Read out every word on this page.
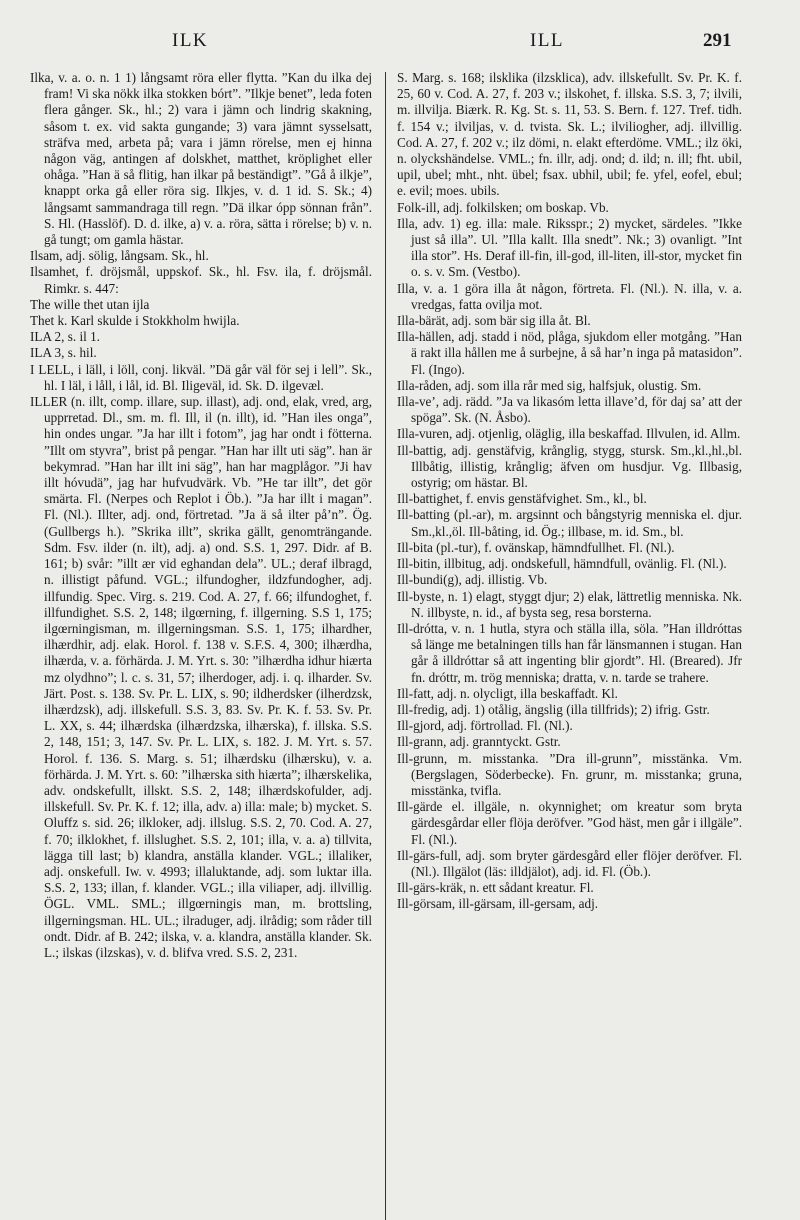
ILK	ILL	291

Ilka, v. a. o. n. 1 1) långsamt röra eller flytta. ”Kan du ilka dej fram! Vi ska nökk ilka stokken bórt”. ”Ilkje benet”, leda foten flera gånger. Sk., hl.; 2) vara i jämn och lindrig skakning, såsom t. ex. vid sakta gungande; 3) vara jämnt sysselsatt, sträfva med, arbeta på; vara i jämn rörelse, men ej hinna någon väg, antingen af dolskhet, matthet, kröplighet eller ohåga. ”Han ä så flitig, han ilkar på beständigt”. ”Gå å ilkje”, knappt orka gå eller röra sig. Ilkjes, v. d. 1 id. S. Sk.; 4) långsamt sammandraga till regn. ”Dä ilkar ópp sönnan från”. S. Hl. (Hasslöf). D. d. ilke, a) v. a. röra, sätta i rörelse; b) v. n. gå tungt; om gamla hästar.

Ilsam, adj. sölig, långsam. Sk., hl.

Ilsamhet, f. dröjsmål, uppskof. Sk., hl. Fsv. ila, f. dröjsmål. Rimkr. s. 447:

The wille thet utan ijla

Thet k. Karl skulde i Stokkholm hwijla.

ILA 2, s. il 1.

ILA 3, s. hil.

I LELL, i läll, i löll, conj. likväl. ”Dä går väl för sej i lell”. Sk., hl. I läl, i låll, i lål, id. Bl. Iligeväl, id. Sk. D. ilgevæl.

ILLER (n. illt, comp. illare, sup. illast), adj. ond, elak, vred, arg, upprretad. Dl., sm. m. fl. Ill, il (n. illt), id. ”Han iles onga”, hin ondes ungar. ”Ja har illt i fotom”, jag har ondt i fötterna. ”Illt om styvra”, brist på pengar. ”Han har illt uti säg”. han är bekymrad. ”Han har illt ini säg”, han har magplågor. ”Ji hav illt hóvudä”, jag har hufvudvärk. Vb. ”He tar illt”, det gör smärta. Fl. (Nerpes och Replot i Öb.). ”Ja har illt i magan”. Fl. (Nl.). Illter, adj. ond, förtretad. ”Ja ä så ilter på’n”. Ög. (Gullbergs h.). ”Skrika illt”, skrika gällt, genomträngande. Sdm. Fsv. ilder (n. ilt), adj. a) ond. S.S. 1, 297. Didr. af B. 161; b) svår: ”illt ær vid eghandan dela”. UL.; deraf ilbragd, n. illistigt påfund. VGL.; ilfundogher, ildzfundogher, adj. illfundig. Spec. Virg. s. 219. Cod. A. 27, f. 66; ilfundoghet, f. illfundighet. S.S. 2, 148; ilgœrning, f. illgerning. S.S 1, 175; ilgœrningisman, m. illgerningsman. S.S. 1, 175; ilhardher, ilhærdhir, adj. elak. Horol. f. 138 v. S.F.S. 4, 300; ilhærdha, ilhærda, v. a. förhärda. J. M. Yrt. s. 30: ”ilhærdha idhur hiærta mz olydhno”; l. c. s. 31, 57; ilherdoger, adj. i. q. ilharder. Sv. Järt. Post. s. 138. Sv. Pr. L. LIX, s. 90; ildherdsker (ilherdzsk, ilhærdzsk), adj. illskefull. S.S. 3, 83. Sv. Pr. K. f. 53. Sv. Pr. L. XX, s. 44; ilhærdska (ilhærdzska, ilhærska), f. illska. S.S. 2, 148, 151; 3, 147. Sv. Pr. L. LIX, s. 182. J. M. Yrt. s. 57. Horol. f. 136. S. Marg. s. 51; ilhærdsku (ilhærsku), v. a. förhärda. J. M. Yrt. s. 60: ”ilhærska sith hiærta”; ilhærskelika, adv. ondskefullt, illskt. S.S. 2, 148; ilhærdskofulder, adj. illskefull. Sv. Pr. K. f. 12; illa, adv. a) illa: male; b) mycket. S. Oluffz s. sid. 26; ilkloker, adj. illslug. S.S. 2, 70. Cod. A. 27, f. 70; ilklokhet, f. illslughet. S.S. 2, 101; illa, v. a. a) tillvita, lägga till last; b) klandra, anställa klander. VGL.; illaliker, adj. onskefull. Iw. v. 4993; illaluktande, adj. som luktar illa. S.S. 2, 133; illan, f. klander. VGL.; illa viliaper, adj. illvillig. ÖGL. VML. SML.; illgœrningis man, m. brottsling, illgerningsman. HL. UL.; ilraduger, adj. ilrådig; som råder till ondt. Didr. af B. 242; ilska, v. a. klandra, anställa klander. Sk. L.; ilskas (ilzskas), v. d. blifva vred. S.S. 2, 231.

S. Marg. s. 168; ilsklika (ilzsklica), adv. illskefullt. Sv. Pr. K. f. 25, 60 v. Cod. A. 27, f. 203 v.; ilskohet, f. illska. S.S. 3, 7; ilvili, m. illvilja. Biærk. R. Kg. St. s. 11, 53. S. Bern. f. 127. Tref. tidh. f. 154 v.; ilviljas, v. d. tvista. Sk. L.; ilviliogher, adj. illvillig. Cod. A. 27, f. 202 v.; ilz dömi, n. elakt efterdöme. VML.; ilz öki, n. olyckshändelse. VML.; fn. illr, adj. ond; d. ild; n. ill; fht. ubil, upil, ubel; mht., nht. übel; fsax. ubhil, ubil; fe. yfel, eofel, ebul; e. evil; moes. ubils.

Folk-ill, adj. folkilsken; om boskap. Vb.

Illa, adv. 1) eg. illa: male. Riksspr.; 2) mycket, särdeles. ”Ikke just så illa”. Ul. ”Illa kallt. Illa snedt”. Nk.; 3) ovanligt. ”Int illa stor”. Hs. Deraf ill-fin, ill-god, ill-liten, ill-stor, mycket fin o. s. v. Sm. (Vestbo).

Illa, v. a. 1 göra illa åt någon, förtreta. Fl. (Nl.). N. illa, v. a. vredgas, fatta ovilja mot.

Illa-bärät, adj. som bär sig illa åt. Bl.

Illa-hällen, adj. stadd i nöd, plåga, sjukdom eller motgång. ”Han ä rakt illa hållen me å surbejne, å så har’n inga på matasidon”. Fl. (Ingo).

Illa-råden, adj. som illa rår med sig, halfsjuk, olustig. Sm.

Illa-ve’, adj. rädd. ”Ja va likasóm letta illave’d, för daj sa’ att der spöga”. Sk. (N. Åsbo).

Illa-vuren, adj. otjenlig, oläglig, illa beskaffad. Illvulen, id. Allm.

Ill-battig, adj. genstäfvig, krånglig, stygg, stursk. Sm.,kl.,hl.,bl. Illbåtig, illistig, krånglig; äfven om husdjur. Vg. Illbasig, ostyrig; om hästar. Bl.

Ill-battighet, f. envis genstäfvighet. Sm., kl., bl.

Ill-batting (pl.-ar), m. argsinnt och bångstyrig menniska el. djur. Sm.,kl.,öl. Ill-båting, id. Ög.; illbase, m. id. Sm., bl.

Ill-bita (pl.-tur), f. ovänskap, hämndfullhet. Fl. (Nl.).

Ill-bitin, illbitug, adj. ondskefull, hämndfull, ovänlig. Fl. (Nl.).

Ill-bundi(g), adj. illistig. Vb.

Ill-byste, n. 1) elagt, styggt djur; 2) elak, lättretlig menniska. Nk. N. illbyste, n. id., af bysta seg, resa borsterna.

Ill-drótta, v. n. 1 hutla, styra och ställa illa, söla. ”Han illdróttas så länge me betalningen tills han får länsmannen i stugan. Han går å illdróttar så att ingenting blir gjordt”. Hl. (Breared). Jfr fn. dróttr, m. trög menniska; dratta, v. n. tarde se trahere.

Ill-fatt, adj. n. olycligt, illa beskaffadt. Kl.

Ill-fredig, adj. 1) otålig, ängslig (illa tillfrids); 2) ifrig. Gstr.

Ill-gjord, adj. förtrollad. Fl. (Nl.).

Ill-grann, adj. granntyckt. Gstr.

Ill-grunn, m. misstanka. ”Dra ill-grunn”, misstänka. Vm. (Bergslagen, Söderbecke). Fn. grunr, m. misstanka; gruna, misstänka, tvifla.

Ill-gärde el. illgäle, n. okynnighet; om kreatur som bryta gärdesgårdar eller flöja deröfver. ”God häst, men går i illgäle”. Fl. (Nl.).

Ill-gärs-full, adj. som bryter gärdesgård eller flöjer deröfver. Fl. (Nl.). Illgälot (läs: illdjälot), adj. id. Fl. (Öb.).

Ill-gärs-kräk, n. ett sådant kreatur. Fl.

Ill-görsam, ill-gärsam, ill-gersam, adj.
